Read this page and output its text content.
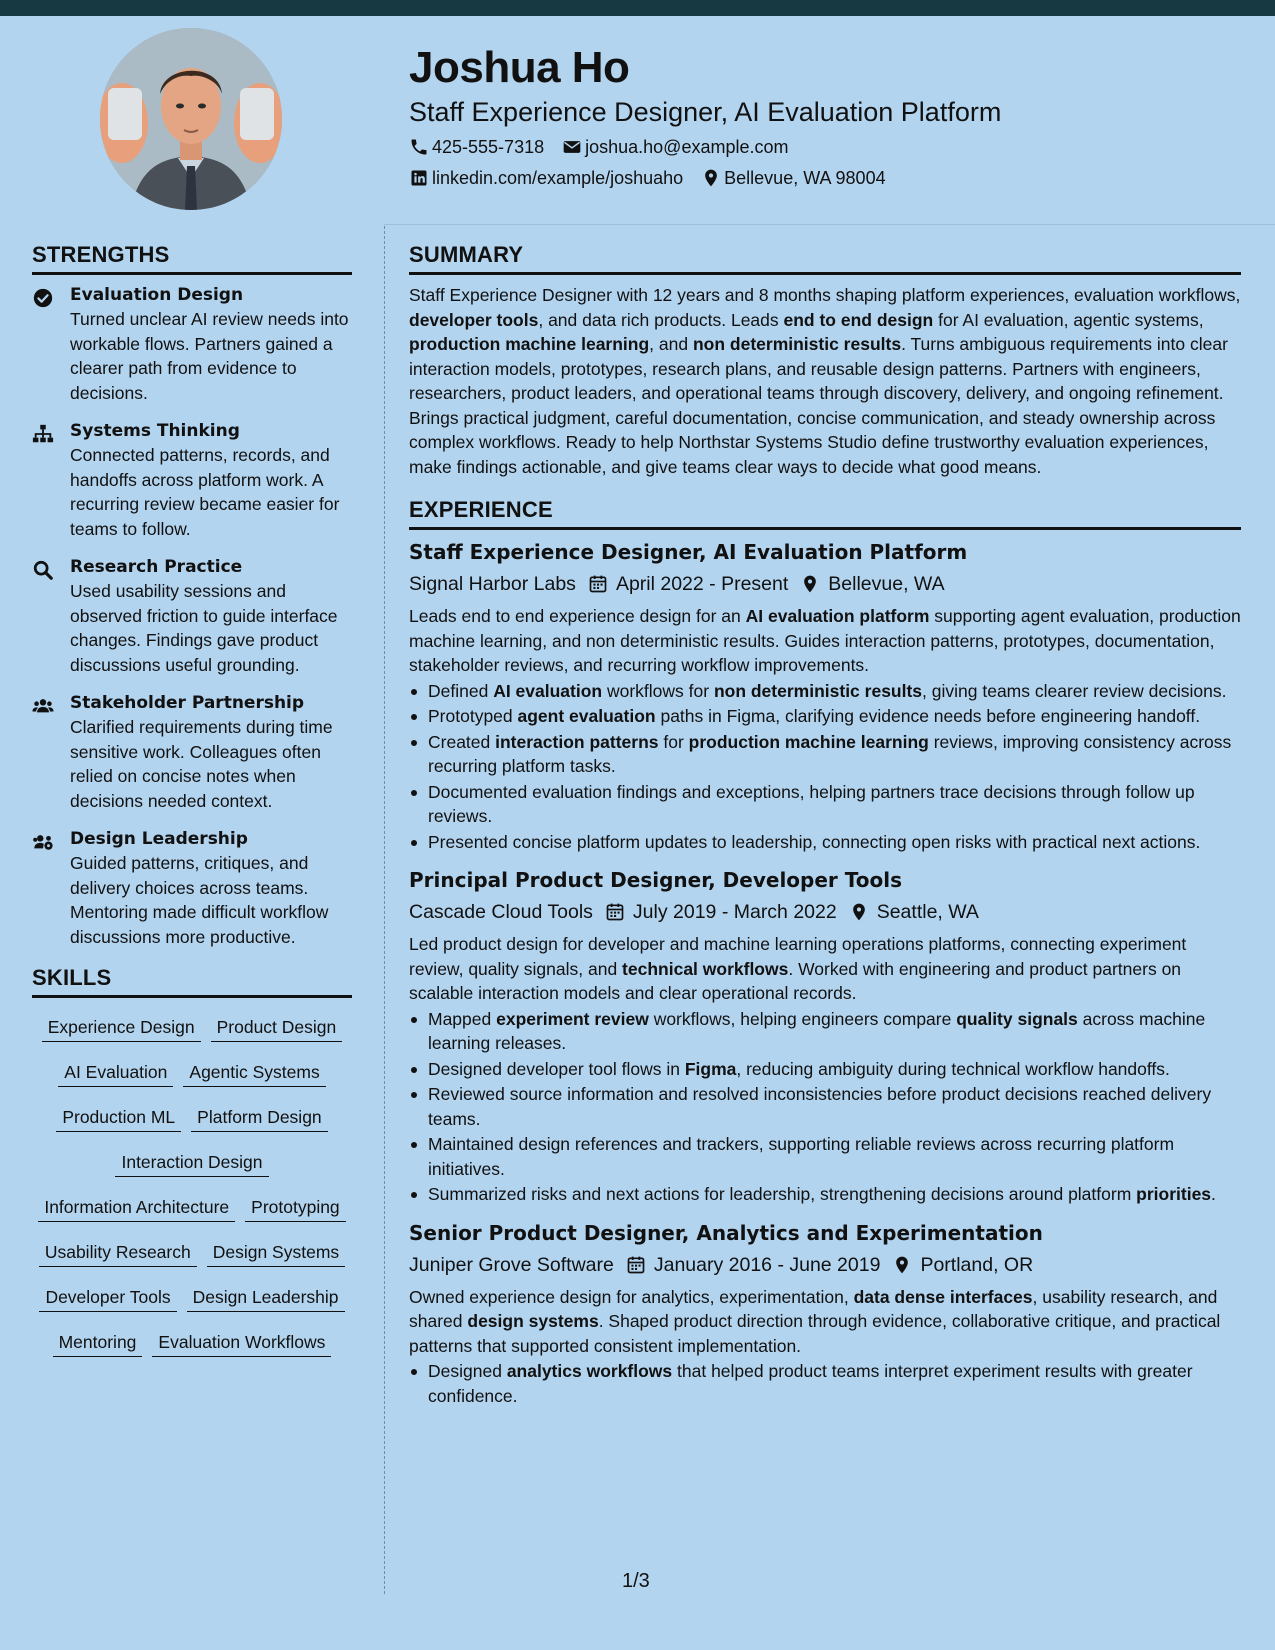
Joshua Ho
Staff Experience Designer, AI Evaluation Platform
425-555-7318 joshua.ho@example.com
linkedin.com/example/joshuaho Bellevue, WA 98004
STRENGTHS
Evaluation Design
Turned unclear AI review needs into workable flows. Partners gained a clearer path from evidence to decisions.
Systems Thinking
Connected patterns, records, and handoffs across platform work. A recurring review became easier for teams to follow.
Research Practice
Used usability sessions and observed friction to guide interface changes. Findings gave product discussions useful grounding.
Stakeholder Partnership
Clarified requirements during time sensitive work. Colleagues often relied on concise notes when decisions needed context.
Design Leadership
Guided patterns, critiques, and delivery choices across teams. Mentoring made difficult workflow discussions more productive.
SKILLS
Experience Design	Product Design
AI Evaluation	Agentic Systems
Production ML	Platform Design
Interaction Design
Information Architecture	Prototyping
Usability Research	Design Systems
Developer Tools	Design Leadership
Mentoring	Evaluation Workflows
SUMMARY
Staff Experience Designer with 12 years and 8 months shaping platform experiences, evaluation workflows, developer tools, and data rich products. Leads end to end design for AI evaluation, agentic systems, production machine learning, and non deterministic results. Turns ambiguous requirements into clear interaction models, prototypes, research plans, and reusable design patterns. Partners with engineers, researchers, product leaders, and operational teams through discovery, delivery, and ongoing refinement. Brings practical judgment, careful documentation, concise communication, and steady ownership across complex workflows. Ready to help Northstar Systems Studio define trustworthy evaluation experiences, make findings actionable, and give teams clear ways to decide what good means.
EXPERIENCE
Staff Experience Designer, AI Evaluation Platform
Signal Harbor Labs April 2022 - Present Bellevue, WA
Leads end to end experience design for an AI evaluation platform supporting agent evaluation, production machine learning, and non deterministic results. Guides interaction patterns, prototypes, documentation, stakeholder reviews, and recurring workflow improvements.
Defined AI evaluation workflows for non deterministic results, giving teams clearer review decisions.
Prototyped agent evaluation paths in Figma, clarifying evidence needs before engineering handoff.
Created interaction patterns for production machine learning reviews, improving consistency across recurring platform tasks.
Documented evaluation findings and exceptions, helping partners trace decisions through follow up reviews.
Presented concise platform updates to leadership, connecting open risks with practical next actions.
Principal Product Designer, Developer Tools
Cascade Cloud Tools July 2019 - March 2022 Seattle, WA
Led product design for developer and machine learning operations platforms, connecting experiment review, quality signals, and technical workflows. Worked with engineering and product partners on scalable interaction models and clear operational records.
Mapped experiment review workflows, helping engineers compare quality signals across machine learning releases.
Designed developer tool flows in Figma, reducing ambiguity during technical workflow handoffs.
Reviewed source information and resolved inconsistencies before product decisions reached delivery teams.
Maintained design references and trackers, supporting reliable reviews across recurring platform initiatives.
Summarized risks and next actions for leadership, strengthening decisions around platform priorities.
Senior Product Designer, Analytics and Experimentation
Juniper Grove Software January 2016 - June 2019 Portland, OR
Owned experience design for analytics, experimentation, data dense interfaces, usability research, and shared design systems. Shaped product direction through evidence, collaborative critique, and practical patterns that supported consistent implementation.
Designed analytics workflows that helped product teams interpret experiment results with greater confidence.
1/3
